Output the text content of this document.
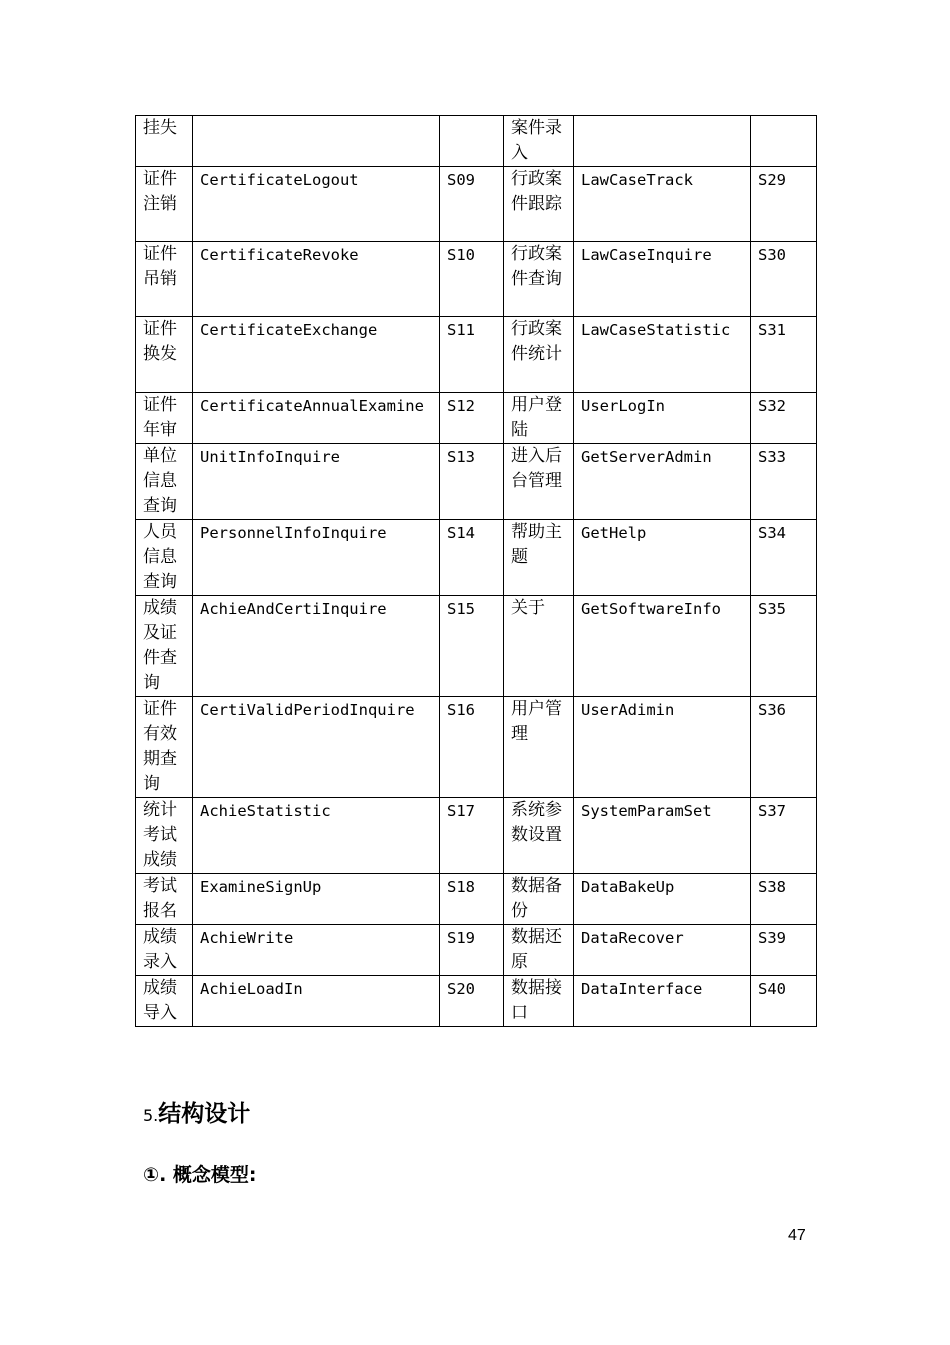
挂失			案件录入		
证件注销	CertificateLogout	S09	行政案件跟踪	LawCaseTrack	S29
证件吊销	CertificateRevoke	S10	行政案件查询	LawCaseInquire	S30
证件换发	CertificateExchange	S11	行政案件统计	LawCaseStatistic	S31
证件年审	CertificateAnnualExamine	S12	用户登陆	UserLogIn	S32
单位信息查询	UnitInfoInquire	S13	进入后台管理	GetServerAdmin	S33
人员信息查询	PersonnelInfoInquire	S14	帮助主题	GetHelp	S34
成绩及证件查询	AchieAndCertiInquire	S15	关于	GetSoftwareInfo	S35
证件有效期查询	CertiValidPeriodInquire	S16	用户管理	UserAdimin	S36
统计考试成绩	AchieStatistic	S17	系统参数设置	SystemParamSet	S37
考试报名	ExamineSignUp	S18	数据备份	DataBakeUp	S38
成绩录入	AchieWrite	S19	数据还原	DataRecover	S39
成绩导入	AchieLoadIn	S20	数据接口	DataInterface	S40
5.结构设计
①. 概念模型:
47
